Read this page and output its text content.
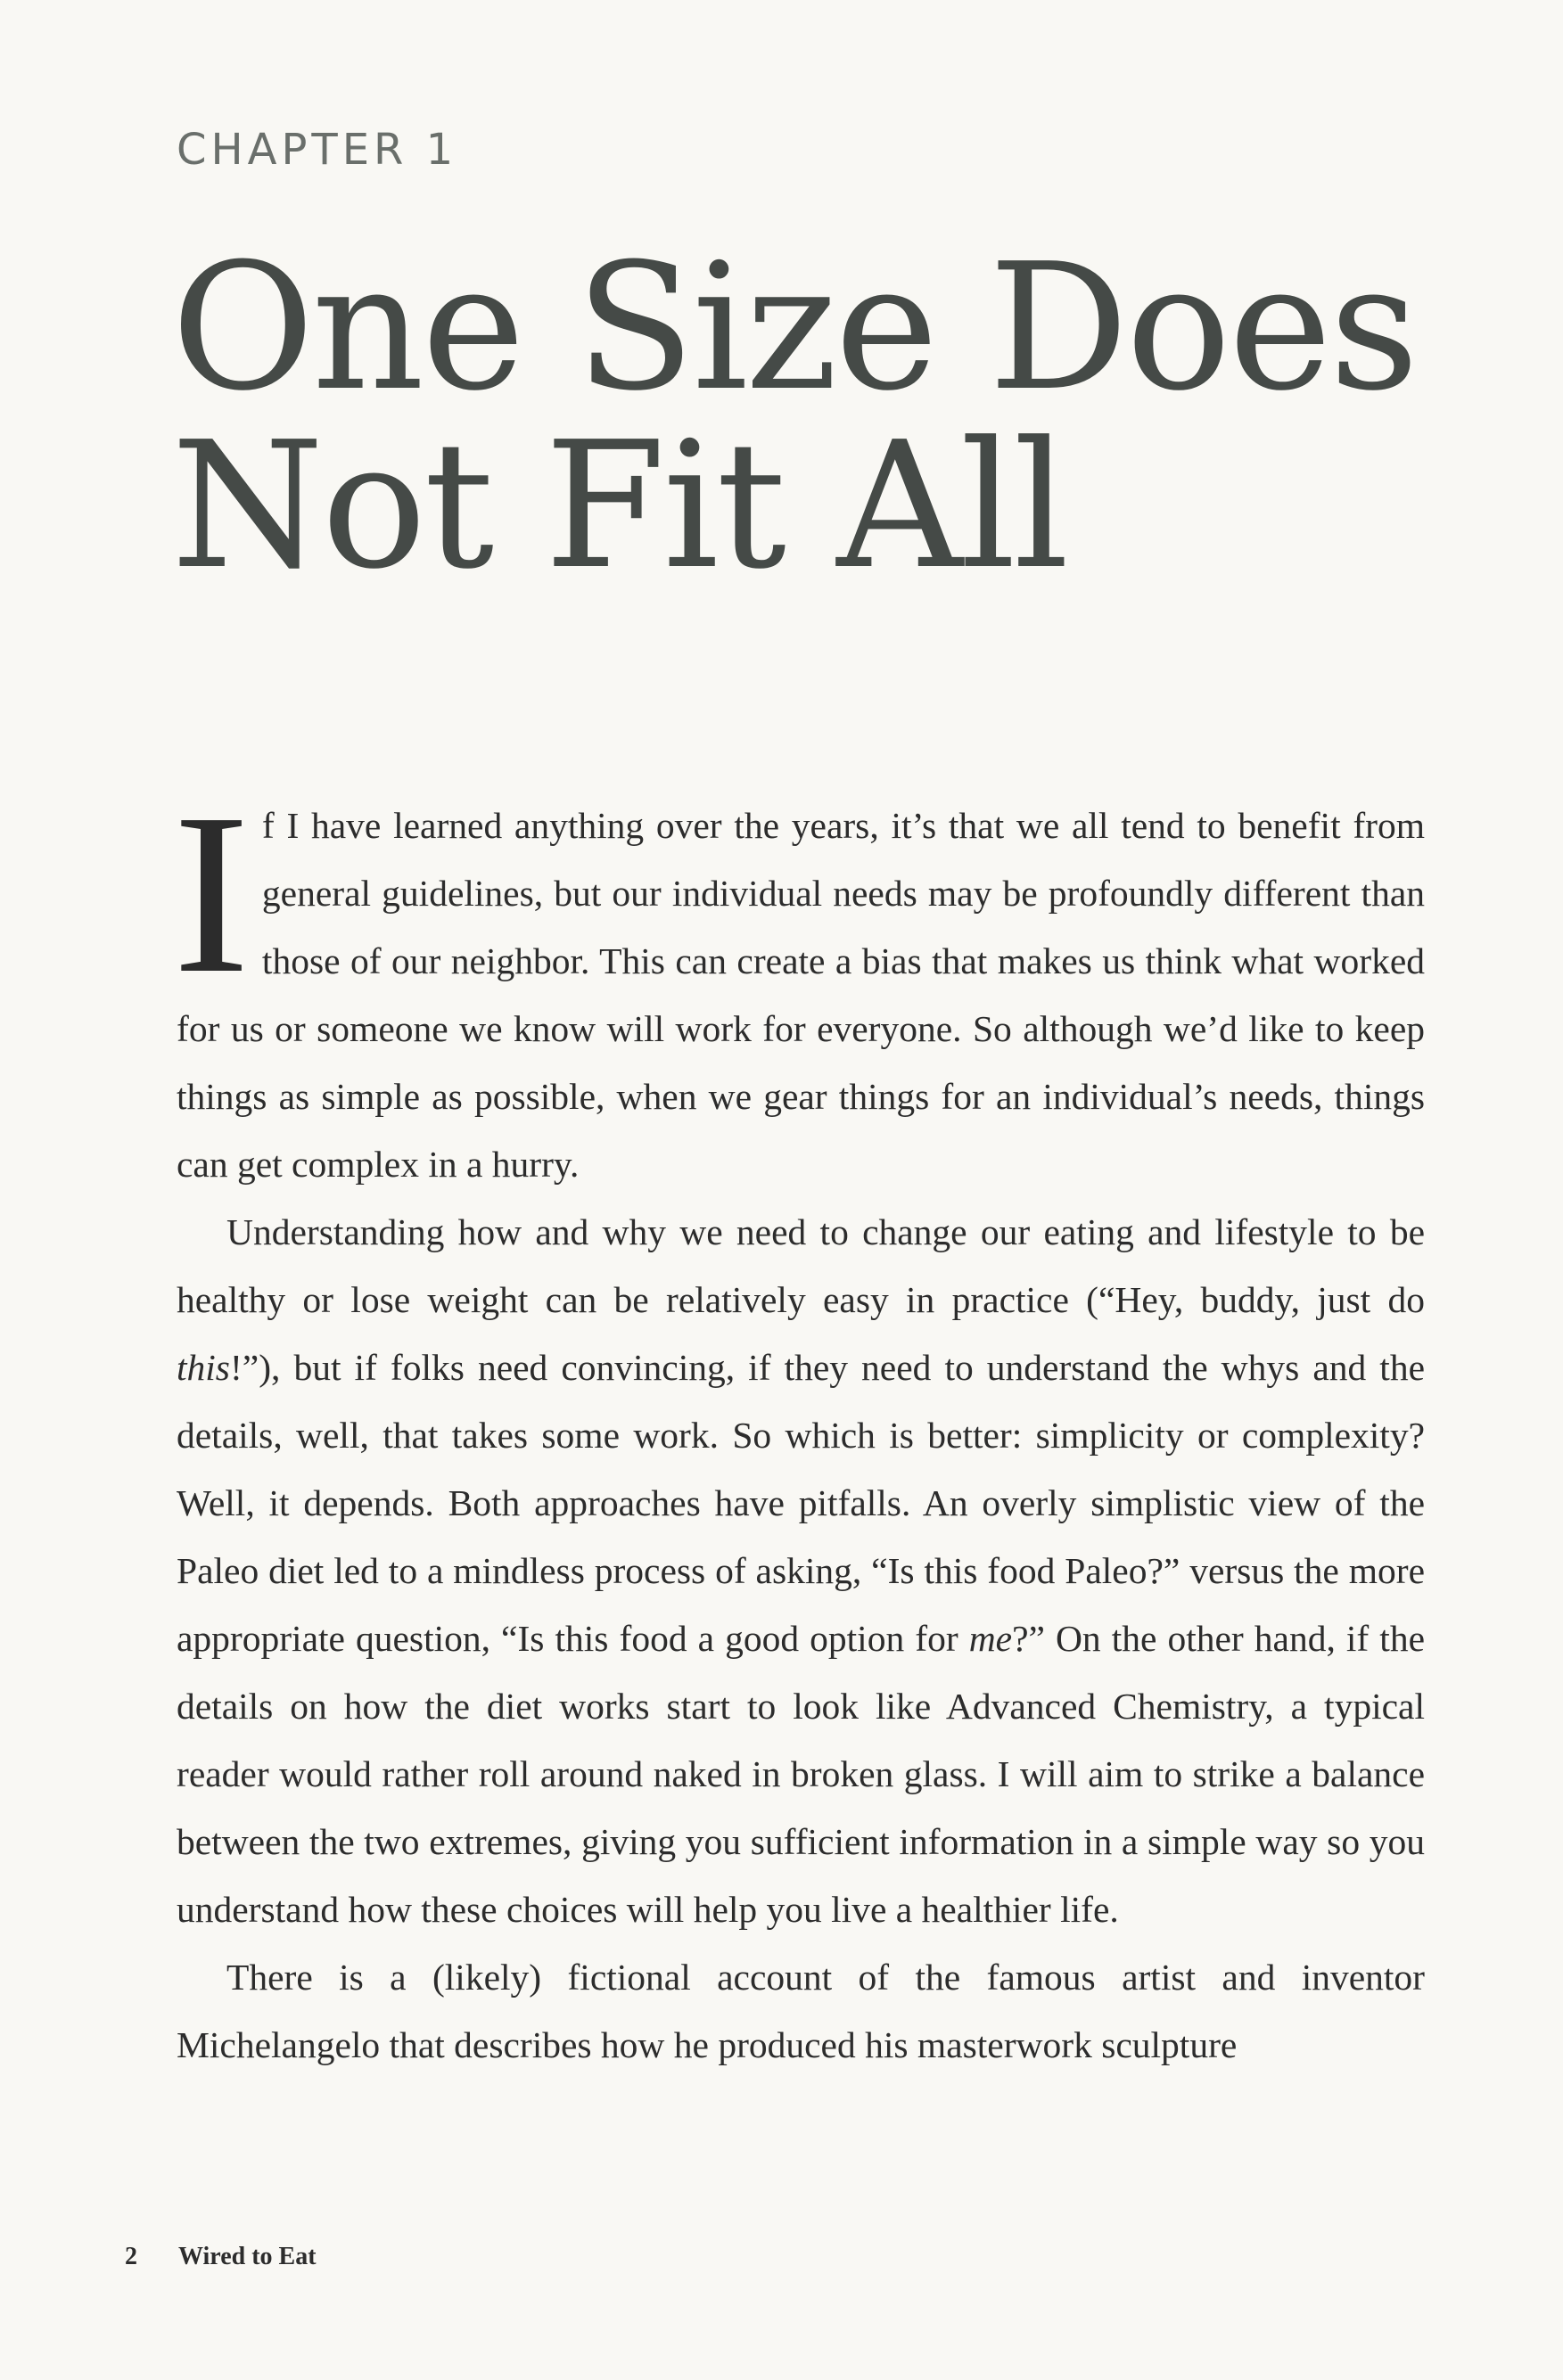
CHAPTER 1
One Size Does
Not Fit All

If I have learned anything over the years, it’s that we all tend to benefit from general guidelines, but our individual needs may be profoundly different than those of our neighbor. This can create a bias that makes us think what worked for us or someone we know will work for everyone. So although we’d like to keep things as simple as possible, when we gear things for an individual’s needs, things can get complex in a hurry.

Understanding how and why we need to change our eating and lifestyle to be healthy or lose weight can be relatively easy in practice (“Hey, buddy, just do this!”), but if folks need convincing, if they need to understand the whys and the details, well, that takes some work. So which is better: simplicity or complexity? Well, it depends. Both approaches have pitfalls. An overly simplistic view of the Paleo diet led to a mindless process of asking, “Is this food Paleo?” versus the more appropriate question, “Is this food a good option for me?” On the other hand, if the details on how the diet works start to look like Advanced Chemistry, a typical reader would rather roll around naked in broken glass. I will aim to strike a balance between the two extremes, giving you sufficient information in a simple way so you understand how these choices will help you live a healthier life.

There is a (likely) fictional account of the famous artist and inventor Michelangelo that describes how he produced his masterwork sculpture

2 Wired to Eat
